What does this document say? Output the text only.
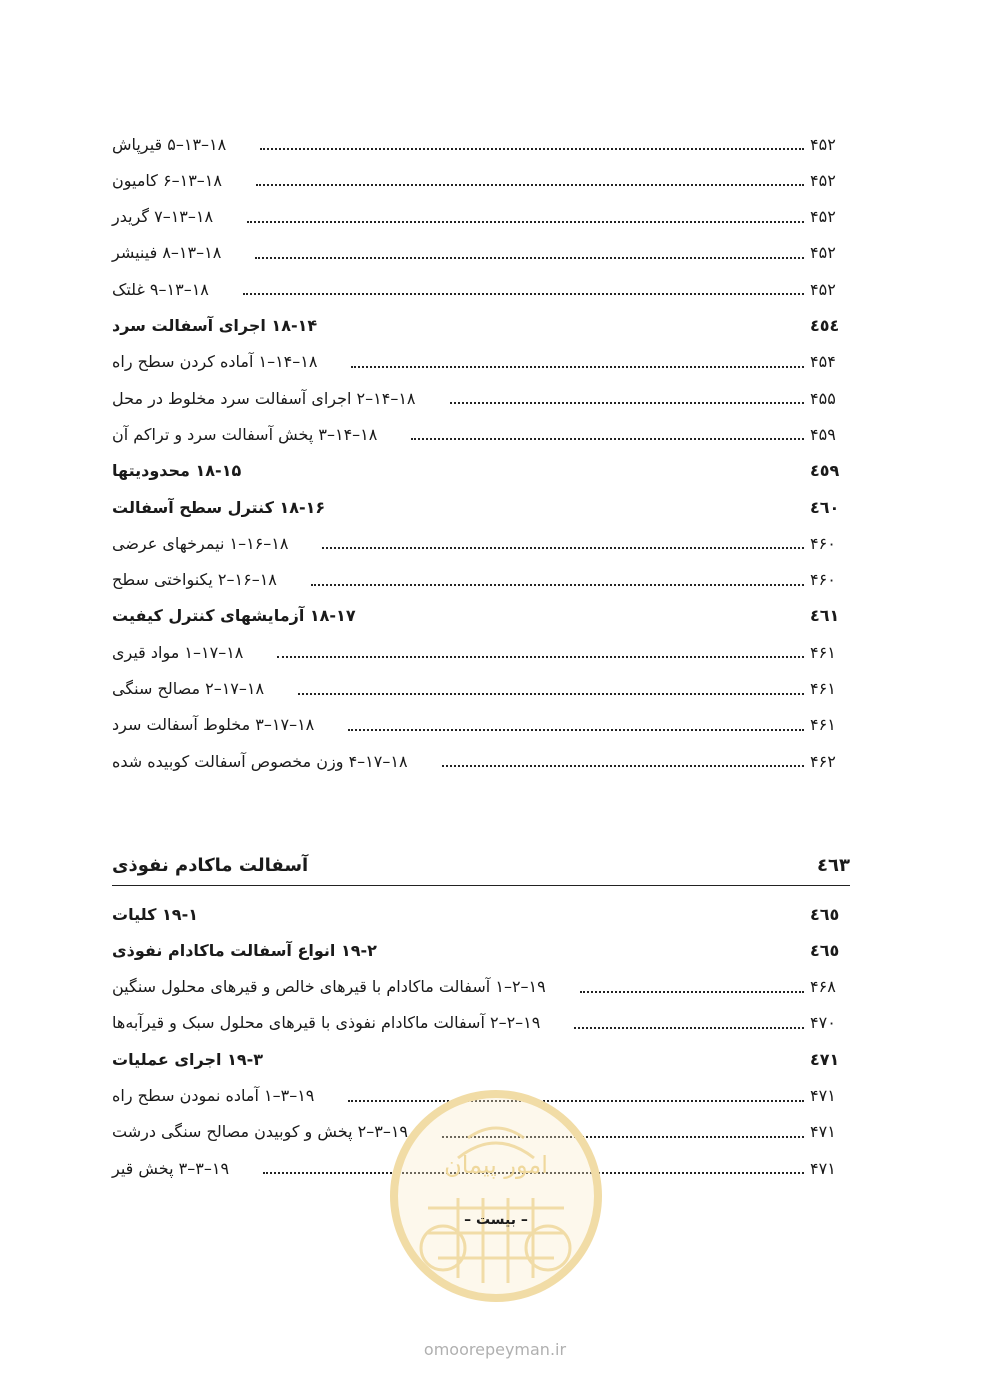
۱۸–۱۳–۵ قیرپاش	۴۵۲
۱۸–۱۳–۶ کامیون	۴۵۲
۱۸–۱۳–۷ گریدر	۴۵۲
۱۸–۱۳–۸ فینیشر	۴۵۲
۱۸–۱۳–۹ غلتک	۴۵۲
۱۸-۱۴ اجرای آسفالت سرد	٤٥٤
۱۸–۱۴–۱ آماده کردن سطح راه	۴۵۴
۱۸–۱۴–۲ اجرای آسفالت سرد مخلوط در محل	۴۵۵
۱۸–۱۴–۳ پخش آسفالت سرد و تراکم آن	۴۵۹
۱۸-۱۵ محدودیتها	٤٥٩
۱۸-۱۶ کنترل سطح آسفالت	٤٦٠
۱۸–۱۶–۱ نیمرخهای عرضی	۴۶۰
۱۸–۱۶–۲ یکنواختی سطح	۴۶۰
۱۸-۱۷ آزمایشهای کنترل کیفیت	٤٦١
۱۸–۱۷–۱ مواد قیری	۴۶۱
۱۸–۱۷–۲ مصالح سنگی	۴۶۱
۱۸–۱۷–۳ مخلوط آسفالت سرد	۴۶۱
۱۸–۱۷–۴ وزن مخصوص آسفالت کوبیده شده	۴۶۲
آسفالت ماکادم نفوذی	٤٦٣
۱۹-۱ کلیات	٤٦٥
۱۹-۲ انواع آسفالت ماکادام نفوذی	٤٦٥
۱۹–۲–۱ آسفالت ماکادام با قیرهای خالص و قیرهای محلول سنگین	۴۶۸
۱۹–۲–۲ آسفالت ماکادام نفوذی با قیرهای محلول سبک و قیرآبه‌ها	۴۷۰
۱۹-۳ اجرای عملیات	٤٧١
۱۹–۳–۱ آماده نمودن سطح راه	۴۷۱
۱۹–۳–۲ پخش و کوبیدن مصالح سنگی درشت	۴۷۱
۱۹–۳–۳ پخش قیر	۴۷۱
امور پیمان
– بیست –
omoorepeyman.ir
